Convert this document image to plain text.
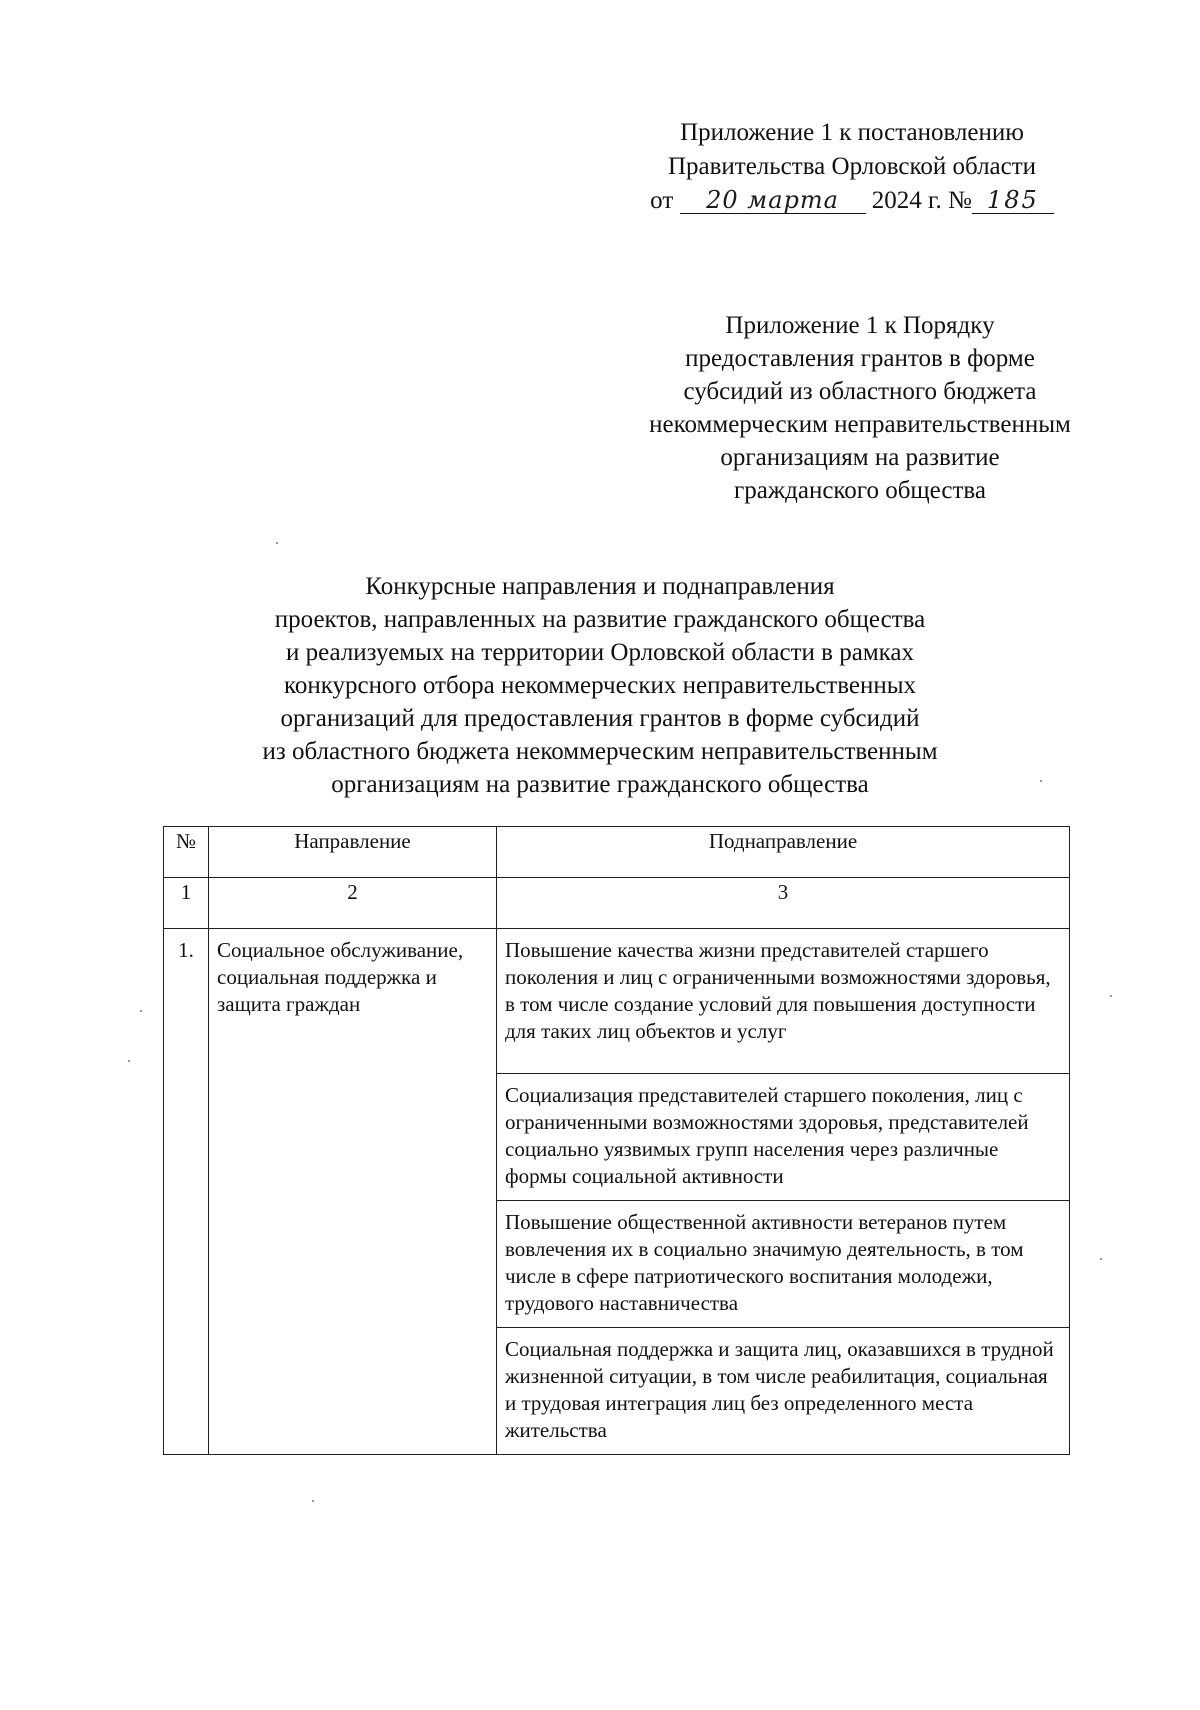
Приложение 1 к постановлению
Правительства Орловской области
от 20 марта 2024 г. № 185
Приложение 1 к Порядку
предоставления грантов в форме
субсидий из областного бюджета
некоммерческим неправительственным
организациям на развитие
гражданского общества
Конкурсные направления и поднаправления
проектов, направленных на развитие гражданского общества
и реализуемых на территории Орловской области в рамках
конкурсного отбора некоммерческих неправительственных
организаций для предоставления грантов в форме субсидий
из областного бюджета некоммерческим неправительственным
организациям на развитие гражданского общества
№	Направление	Поднаправление
1	2	3
1.	Социальное обслуживание, социальная поддержка и защита граждан	Повышение качества жизни представителей старшего поколения и лиц с ограниченными возможностями здоровья, в том числе создание условий для повышения доступности для таких лиц объектов и услуг
		Социализация представителей старшего поколения, лиц с ограниченными возможностями здоровья, представителей социально уязвимых групп населения через различные формы социальной активности
		Повышение общественной активности ветеранов путем вовлечения их в социально значимую деятельность, в том числе в сфере патриотического воспитания молодежи, трудового наставничества
		Социальная поддержка и защита лиц, оказавшихся в трудной жизненной ситуации, в том числе реабилитация, социальная и трудовая интеграция лиц без определенного места жительства
